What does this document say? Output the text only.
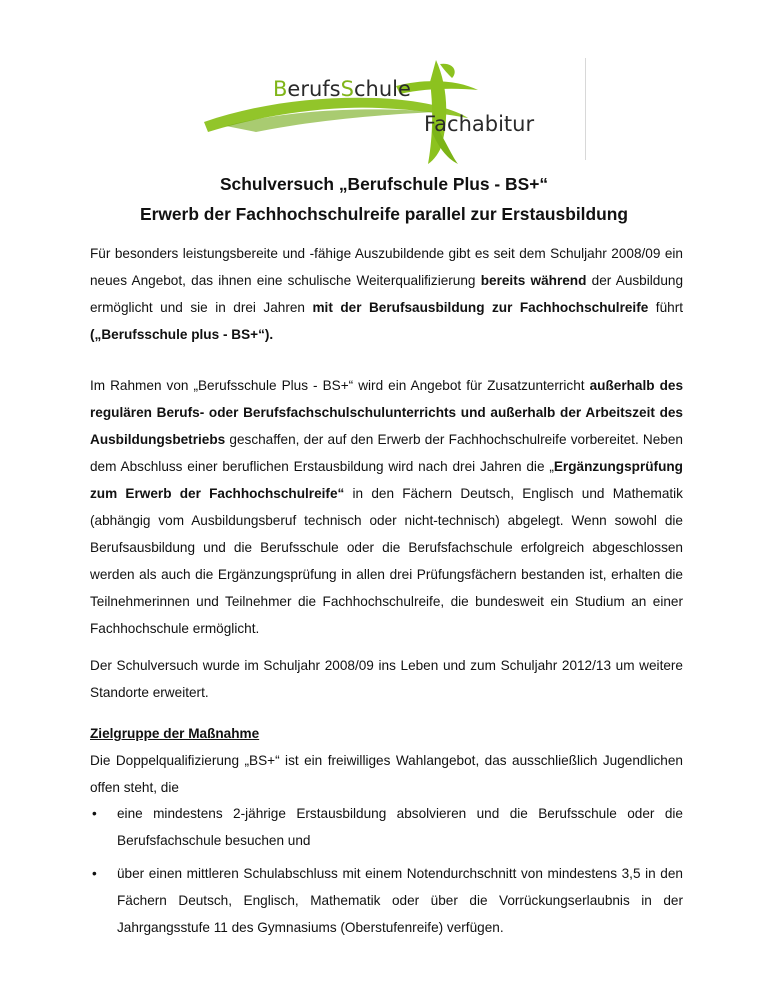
BerufsSchule
Fachabitur
Schulversuch „Berufschule Plus - BS+“
Erwerb der Fachhochschulreife parallel zur Erstausbildung

Für besonders leistungsbereite und -fähige Auszubildende gibt es seit dem Schuljahr 2008/09 ein neues Angebot, das ihnen eine schulische Weiterqualifizierung bereits während der Ausbildung ermöglicht und sie in drei Jahren mit der Berufsausbildung zur Fachhochschulreife führt („Berufsschule plus - BS+“).

Im Rahmen von „Berufsschule Plus - BS+“ wird ein Angebot für Zusatzunterricht außerhalb des regulären Berufs- oder Berufsfachschulschulunterrichts und außerhalb der Arbeitszeit des Ausbildungsbetriebs geschaffen, der auf den Erwerb der Fachhochschulreife vorbereitet. Neben dem Abschluss einer beruflichen Erstausbildung wird nach drei Jahren die „Ergänzungsprüfung zum Erwerb der Fachhochschulreife“ in den Fächern Deutsch, Englisch und Mathematik (abhängig vom Ausbildungsberuf technisch oder nicht-technisch) abgelegt. Wenn sowohl die Berufsausbildung und die Berufsschule oder die Berufsfachschule erfolgreich abgeschlossen werden als auch die Ergänzungsprüfung in allen drei Prüfungsfächern bestanden ist, erhalten die Teilnehmerinnen und Teilnehmer die Fachhochschulreife, die bundesweit ein Studium an einer Fachhochschule ermöglicht.

Der Schulversuch wurde im Schuljahr 2008/09 ins Leben und zum Schuljahr 2012/13 um weitere Standorte erweitert.

Zielgruppe der Maßnahme

Die Doppelqualifizierung „BS+“ ist ein freiwilliges Wahlangebot, das ausschließlich Jugendlichen offen steht, die

• eine mindestens 2-jährige Erstausbildung absolvieren und die Berufsschule oder die Berufsfachschule besuchen und
• über einen mittleren Schulabschluss mit einem Notendurchschnitt von mindestens 3,5 in den Fächern Deutsch, Englisch, Mathematik oder über die Vorrückungserlaubnis in der Jahrgangsstufe 11 des Gymnasiums (Oberstufenreife) verfügen.
